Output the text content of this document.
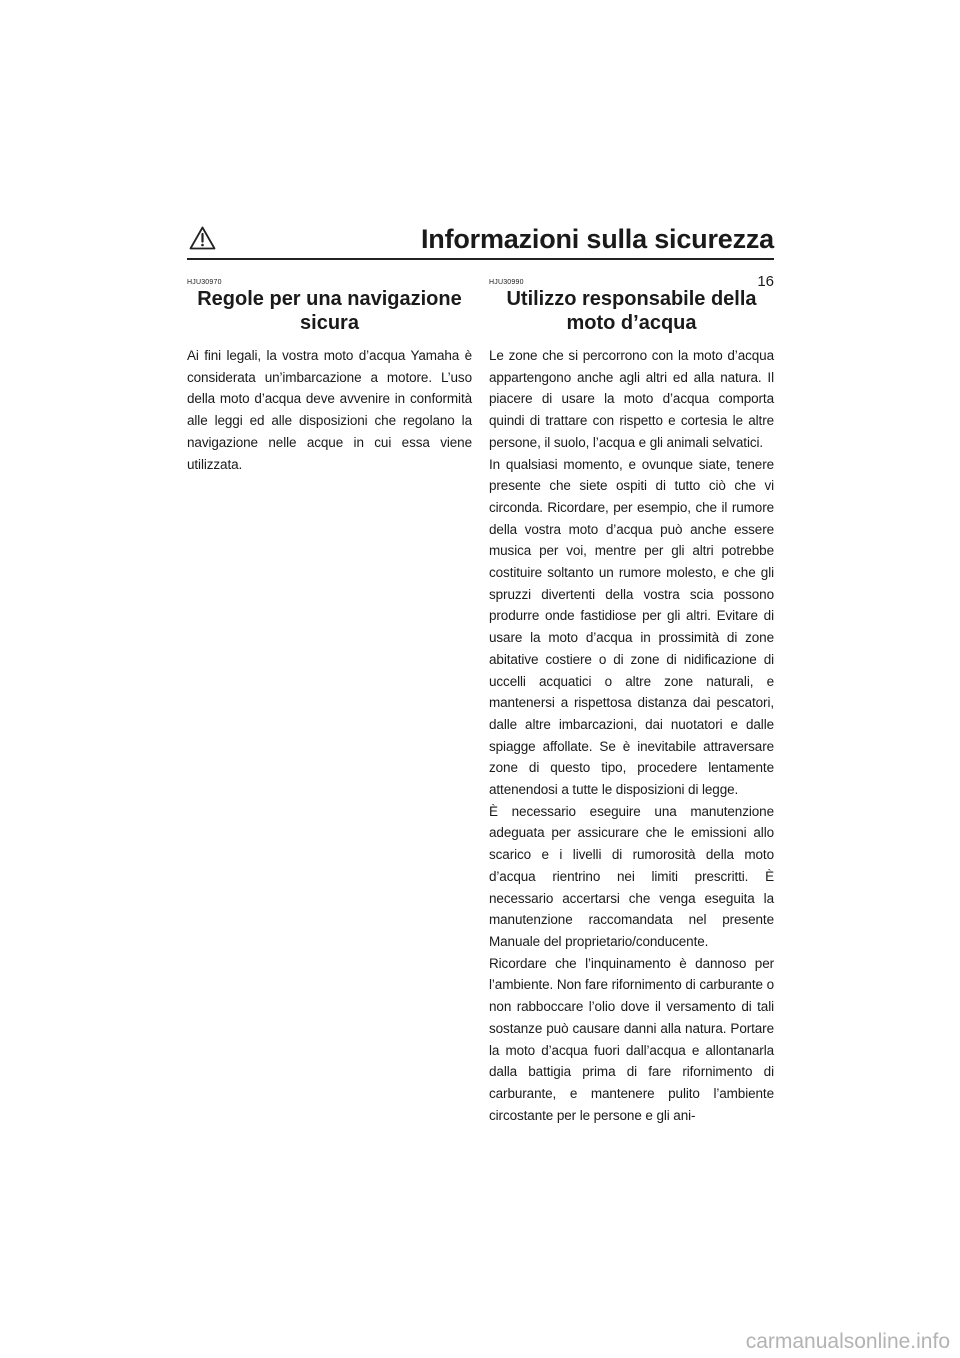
Informazioni sulla sicurezza
16
HJU30970
Regole per una navigazione
sicura

Ai fini legali, la vostra moto d’acqua Yamaha è considerata un’imbarcazione a motore. L’uso della moto d’acqua deve avvenire in conformità alle leggi ed alle disposizioni che regolano la navigazione nelle acque in cui essa viene utilizzata.

HJU30990
Utilizzo responsabile della
moto d’acqua

Le zone che si percorrono con la moto d’acqua appartengono anche agli altri ed alla natura. Il piacere di usare la moto d’acqua comporta quindi di trattare con rispetto e cortesia le altre persone, il suolo, l’acqua e gli animali selvatici.

In qualsiasi momento, e ovunque siate, tenere presente che siete ospiti di tutto ciò che vi circonda. Ricordare, per esempio, che il rumore della vostra moto d’acqua può anche essere musica per voi, mentre per gli altri potrebbe costituire soltanto un rumore molesto, e che gli spruzzi divertenti della vostra scia possono produrre onde fastidiose per gli altri. Evitare di usare la moto d’acqua in prossimità di zone abitative costiere o di zone di nidificazione di uccelli acquatici o altre zone naturali, e mantenersi a rispettosa distanza dai pescatori, dalle altre imbarcazioni, dai nuotatori e dalle spiagge affollate. Se è inevitabile attraversare zone di questo tipo, procedere lentamente attenendosi a tutte le disposizioni di legge.

È necessario eseguire una manutenzione adeguata per assicurare che le emissioni allo scarico e i livelli di rumorosità della moto d’acqua rientrino nei limiti prescritti. È necessario accertarsi che venga eseguita la manutenzione raccomandata nel presente Manuale del proprietario/conducente.

Ricordare che l’inquinamento è dannoso per l’ambiente. Non fare rifornimento di carburante o non rabboccare l’olio dove il versamento di tali sostanze può causare danni alla natura. Portare la moto d’acqua fuori dall’acqua e allontanarla dalla battigia prima di fare rifornimento di carburante, e mantenere pulito l’ambiente circostante per le persone e gli ani-

carmanualsonline.info
